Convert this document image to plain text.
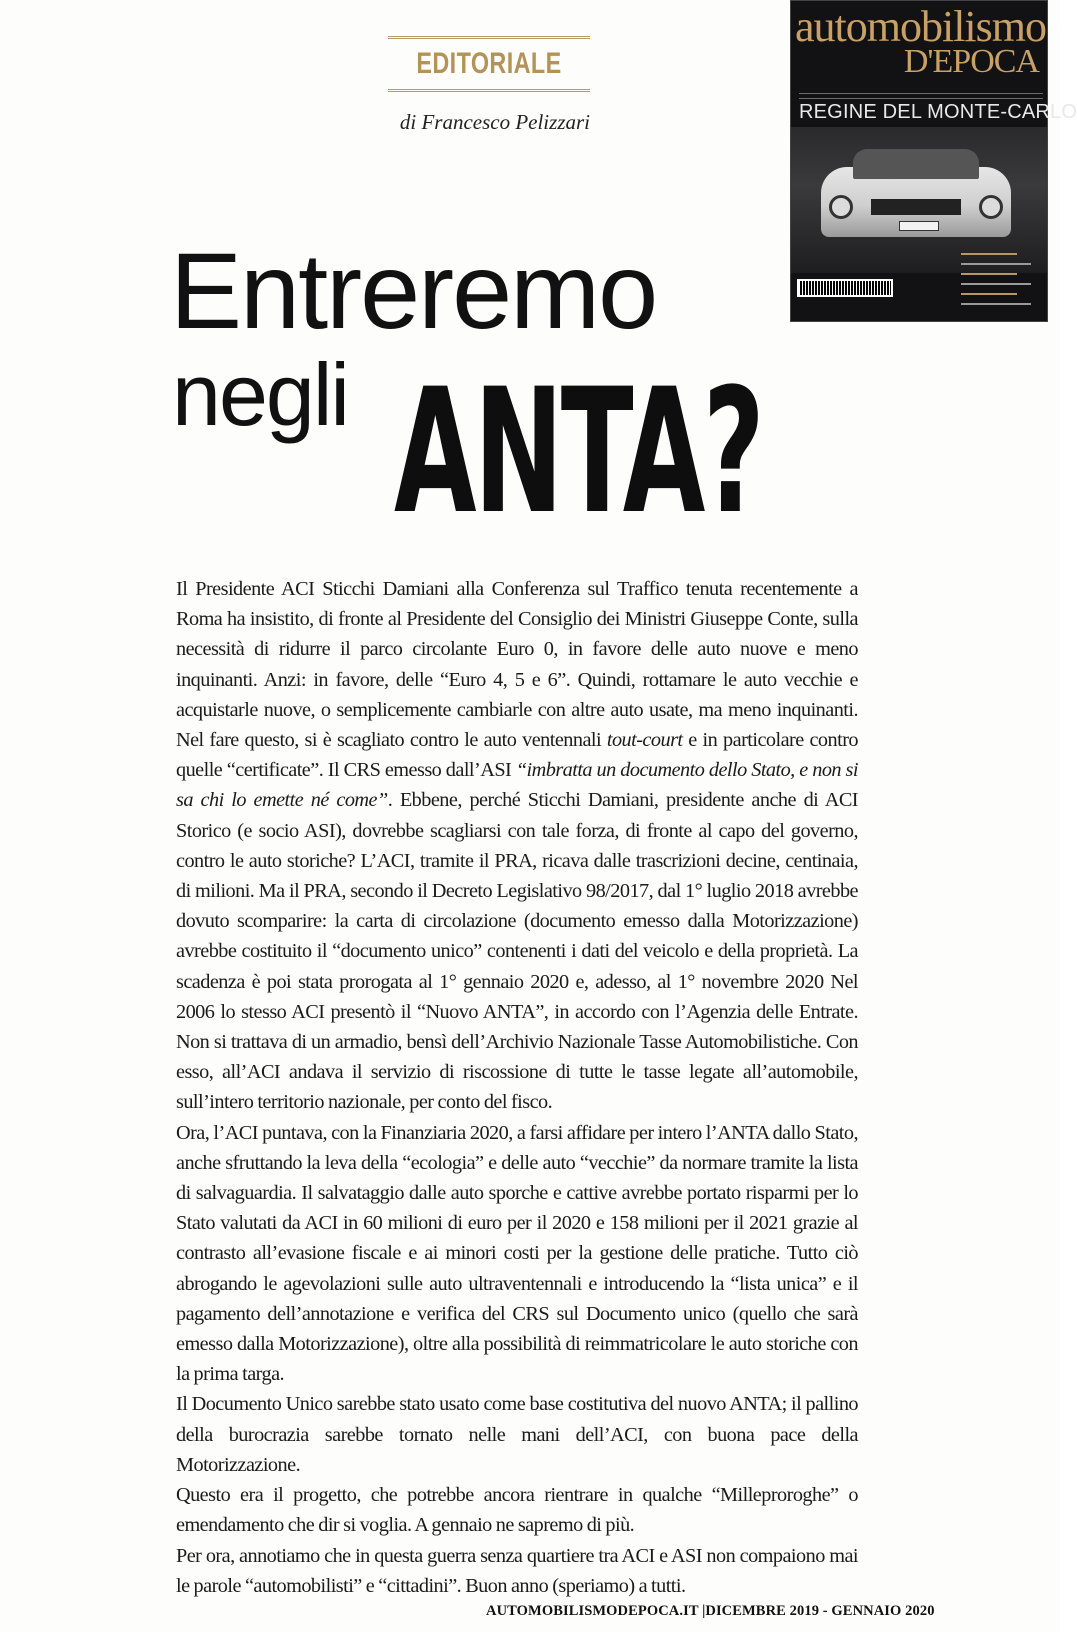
EDITORIALE
di Francesco Pelizzari
automobilismo
D'EPOCA
REGINE DEL MONTE-CARLO
Entreremo
negli ANTA?

Il Presidente ACI Sticchi Damiani alla Conferenza sul Traffico tenuta recentemente a Roma ha insistito, di fronte al Presidente del Consiglio dei Ministri Giuseppe Conte, sulla necessità di ridurre il parco circolante Euro 0, in favore delle auto nuove e meno inquinanti. Anzi: in favore, delle “Euro 4, 5 e 6”. Quindi, rottamare le auto vecchie e acquistarle nuove, o semplicemente cambiarle con altre auto usate, ma meno inquinanti. Nel fare questo, si è scagliato contro le auto ventennali tout-court e in particolare contro quelle “certificate”. Il CRS emesso dall’ASI “imbratta un documento dello Stato, e non si sa chi lo emette né come”. Ebbene, perché Sticchi Damiani, presidente anche di ACI Storico (e socio ASI), dovrebbe scagliarsi con tale forza, di fronte al capo del governo, contro le auto storiche? L’ACI, tramite il PRA, ricava dalle trascrizioni decine, centinaia, di milioni. Ma il PRA, secondo il Decreto Legislativo 98/2017, dal 1° luglio 2018 avrebbe dovuto scomparire: la carta di circolazione (documento emesso dalla Motorizzazione) avrebbe costituito il “documento unico” contenenti i dati del veicolo e della proprietà. La scadenza è poi stata prorogata al 1° gennaio 2020 e, adesso, al 1° novembre 2020 Nel 2006 lo stesso ACI presentò il “Nuovo ANTA”, in accordo con l’Agenzia delle Entrate. Non si trattava di un armadio, bensì dell’Archivio Nazionale Tasse Automobilistiche. Con esso, all’ACI andava il servizio di riscossione di tutte le tasse legate all’automobile, sull’intero territorio nazionale, per conto del fisco.

Ora, l’ACI puntava, con la Finanziaria 2020, a farsi affidare per intero l’ANTA dallo Stato, anche sfruttando la leva della “ecologia” e delle auto “vecchie” da normare tramite la lista di salvaguardia. Il salvataggio dalle auto sporche e cattive avrebbe portato risparmi per lo Stato valutati da ACI in 60 milioni di euro per il 2020 e 158 milioni per il 2021 grazie al contrasto all’evasione fiscale e ai minori costi per la gestione delle pratiche. Tutto ciò abrogando le agevolazioni sulle auto ultraventennali e introducendo la “lista unica” e il pagamento dell’annotazione e verifica del CRS sul Documento unico (quello che sarà emesso dalla Motorizzazione), oltre alla possibilità di reimmatricolare le auto storiche con la prima targa.

Il Documento Unico sarebbe stato usato come base costitutiva del nuovo ANTA; il pallino della burocrazia sarebbe tornato nelle mani dell’ACI, con buona pace della Motorizzazione.

Questo era il progetto, che potrebbe ancora rientrare in qualche “Milleproroghe” o emendamento che dir si voglia. A gennaio ne sapremo di più.

Per ora, annotiamo che in questa guerra senza quartiere tra ACI e ASI non compaiono mai le parole “automobilisti” e “cittadini”. Buon anno (speriamo) a tutti.

AUTOMOBILISMODEPOCA.IT |DICEMBRE 2019 - GENNAIO 2020
